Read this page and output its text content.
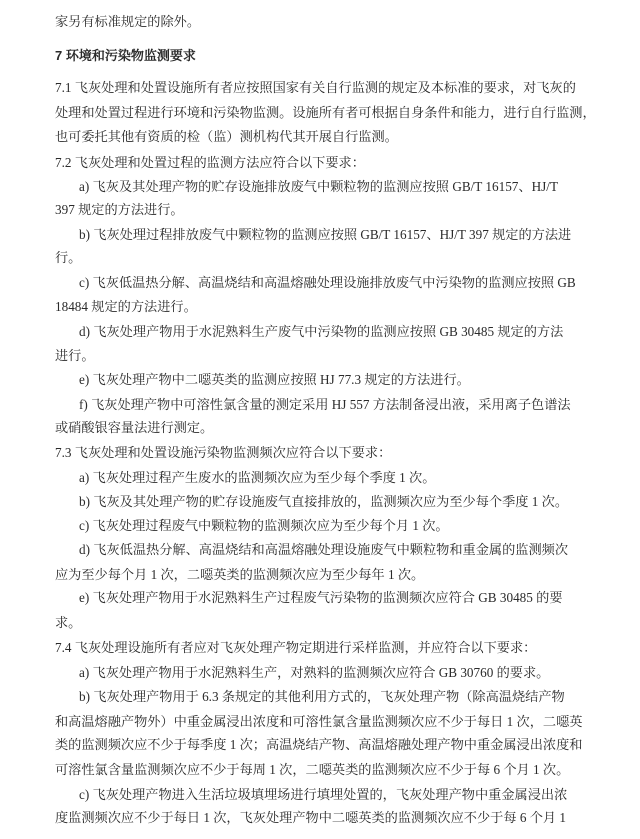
家另有标准规定的除外。
7 环境和污染物监测要求
7.1 飞灰处理和处置设施所有者应按照国家有关自行监测的规定及本标准的要求，对飞灰的
处理和处置过程进行环境和污染物监测。设施所有者可根据自身条件和能力，进行自行监测，
也可委托其他有资质的检（监）测机构代其开展自行监测。
7.2 飞灰处理和处置过程的监测方法应符合以下要求：
a) 飞灰及其处理产物的贮存设施排放废气中颗粒物的监测应按照 GB/T 16157、HJ/T
397 规定的方法进行。
b) 飞灰处理过程排放废气中颗粒物的监测应按照 GB/T 16157、HJ/T 397 规定的方法进
行。
c) 飞灰低温热分解、高温烧结和高温熔融处理设施排放废气中污染物的监测应按照 GB
18484 规定的方法进行。
d) 飞灰处理产物用于水泥熟料生产废气中污染物的监测应按照 GB 30485 规定的方法
进行。
e) 飞灰处理产物中二噁英类的监测应按照 HJ 77.3 规定的方法进行。
f) 飞灰处理产物中可溶性氯含量的测定采用 HJ 557 方法制备浸出液，采用离子色谱法
或硝酸银容量法进行测定。
7.3 飞灰处理和处置设施污染物监测频次应符合以下要求：
a) 飞灰处理过程产生废水的监测频次应为至少每个季度 1 次。
b) 飞灰及其处理产物的贮存设施废气直接排放的，监测频次应为至少每个季度 1 次。
c) 飞灰处理过程废气中颗粒物的监测频次应为至少每个月 1 次。
d) 飞灰低温热分解、高温烧结和高温熔融处理设施废气中颗粒物和重金属的监测频次
应为至少每个月 1 次，二噁英类的监测频次应为至少每年 1 次。
e) 飞灰处理产物用于水泥熟料生产过程废气污染物的监测频次应符合 GB 30485 的要
求。
7.4 飞灰处理设施所有者应对飞灰处理产物定期进行采样监测，并应符合以下要求：
a) 飞灰处理产物用于水泥熟料生产，对熟料的监测频次应符合 GB 30760 的要求。
b) 飞灰处理产物用于 6.3 条规定的其他利用方式的，飞灰处理产物（除高温烧结产物
和高温熔融产物外）中重金属浸出浓度和可溶性氯含量监测频次应不少于每日 1 次，二噁英
类的监测频次应不少于每季度 1 次；高温烧结产物、高温熔融处理产物中重金属浸出浓度和
可溶性氯含量监测频次应不少于每周 1 次，二噁英类的监测频次应不少于每 6 个月 1 次。
c) 飞灰处理产物进入生活垃圾填埋场进行填埋处置的，飞灰处理产物中重金属浸出浓
度监测频次应不少于每日 1 次，飞灰处理产物中二噁英类的监测频次应不少于每 6 个月 1
